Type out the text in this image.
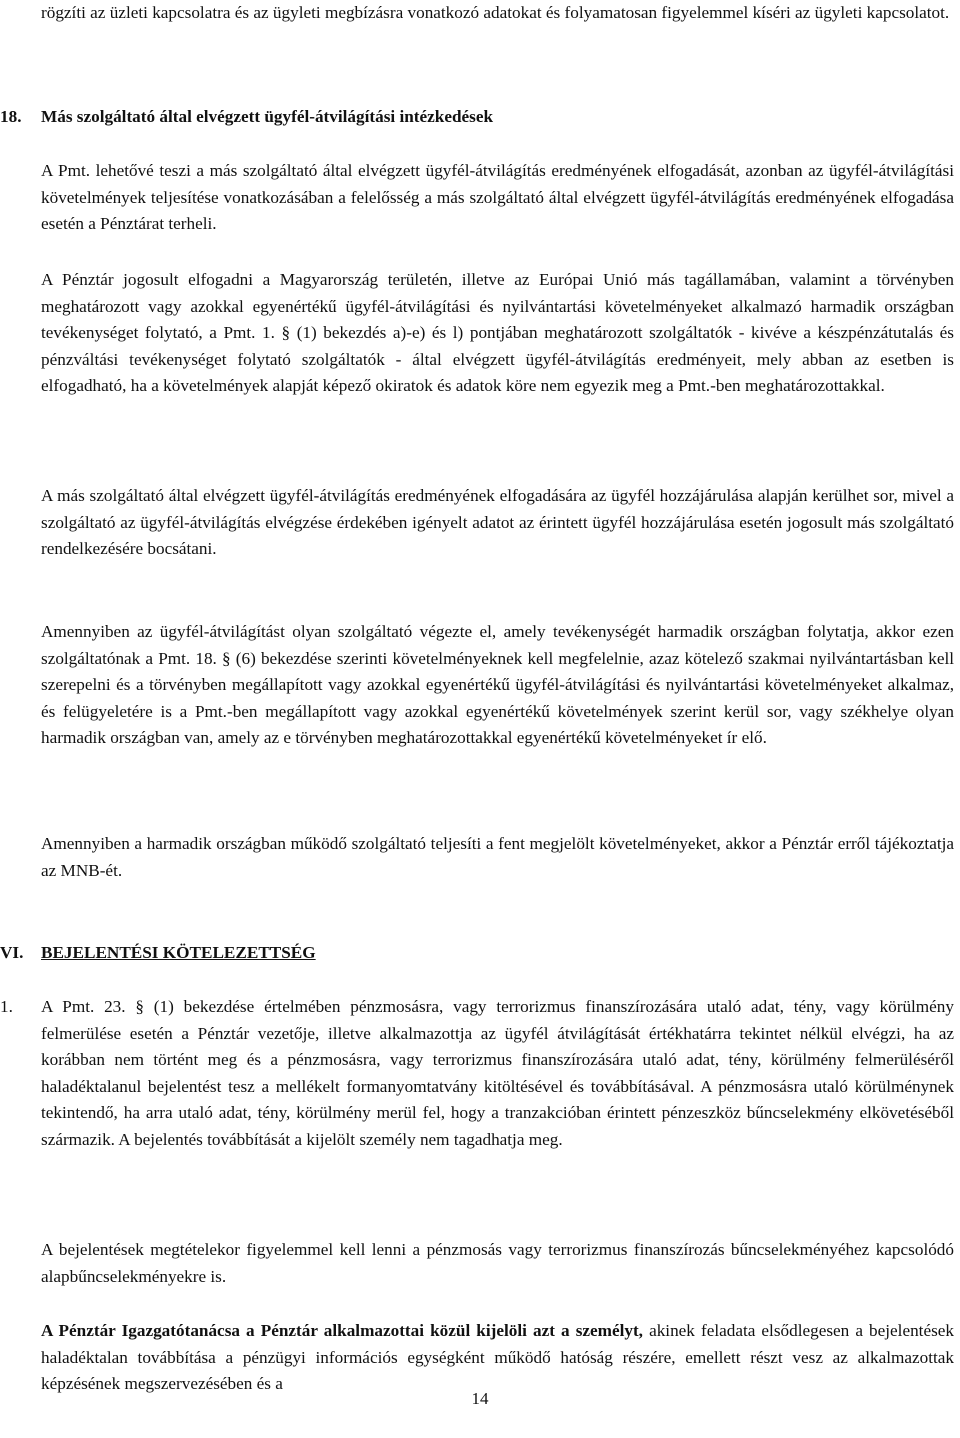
rögzíti az üzleti kapcsolatra és az ügyleti megbízásra vonatkozó adatokat és folyamatosan figyelemmel kíséri az ügyleti kapcsolatot.

18. Más szolgáltató által elvégzett ügyfél-átvilágítási intézkedések

A Pmt. lehetővé teszi a más szolgáltató által elvégzett ügyfél-átvilágítás eredményének elfogadását, azonban az ügyfél-átvilágítási követelmények teljesítése vonatkozásában a felelősség a más szolgáltató által elvégzett ügyfél-átvilágítás eredményének elfogadása esetén a Pénztárat terheli.

A Pénztár jogosult elfogadni a Magyarország területén, illetve az Európai Unió más tagállamában, valamint a törvényben meghatározott vagy azokkal egyenértékű ügyfél-átvilágítási és nyilvántartási követelményeket alkalmazó harmadik országban tevékenységet folytató, a Pmt. 1. § (1) bekezdés a)-e) és l) pontjában meghatározott szolgáltatók - kivéve a készpénzátutalás és pénzváltási tevékenységet folytató szolgáltatók - által elvégzett ügyfél-átvilágítás eredményeit, mely abban az esetben is elfogadható, ha a követelmények alapját képező okiratok és adatok köre nem egyezik meg a Pmt.-ben meghatározottakkal.

A más szolgáltató által elvégzett ügyfél-átvilágítás eredményének elfogadására az ügyfél hozzájárulása alapján kerülhet sor, mivel a szolgáltató az ügyfél-átvilágítás elvégzése érdekében igényelt adatot az érintett ügyfél hozzájárulása esetén jogosult más szolgáltató rendelkezésére bocsátani.

Amennyiben az ügyfél-átvilágítást olyan szolgáltató végezte el, amely tevékenységét harmadik országban folytatja, akkor ezen szolgáltatónak a Pmt. 18. § (6) bekezdése szerinti követelményeknek kell megfelelnie, azaz kötelező szakmai nyilvántartásban kell szerepelni és a törvényben megállapított vagy azokkal egyenértékű ügyfél-átvilágítási és nyilvántartási követelményeket alkalmaz, és felügyeletére is a Pmt.-ben megállapított vagy azokkal egyenértékű követelmények szerint kerül sor, vagy székhelye olyan harmadik országban van, amely az e törvényben meghatározottakkal egyenértékű követelményeket ír elő.

Amennyiben a harmadik országban működő szolgáltató teljesíti a fent megjelölt követelményeket, akkor a Pénztár erről tájékoztatja az MNB-ét.

VI. BEJELENTÉSI KÖTELEZETTSÉG
1. A Pmt. 23. § (1) bekezdése értelmében pénzmosásra, vagy terrorizmus finanszírozására utaló adat, tény, vagy körülmény felmerülése esetén a Pénztár vezetője, illetve alkalmazottja az ügyfél átvilágítását értékhatárra tekintet nélkül elvégzi, ha az korábban nem történt meg és a pénzmosásra, vagy terrorizmus finanszírozására utaló adat, tény, körülmény felmerüléséről haladéktalanul bejelentést tesz a mellékelt formanyomtatvány kitöltésével és továbbításával. A pénzmosásra utaló körülménynek tekintendő, ha arra utaló adat, tény, körülmény merül fel, hogy a tranzakcióban érintett pénzeszköz bűncselekmény elkövetéséből származik. A bejelentés továbbítását a kijelölt személy nem tagadhatja meg.

A bejelentések megtételekor figyelemmel kell lenni a pénzmosás vagy terrorizmus finanszírozás bűncselekményéhez kapcsolódó alapbűncselekményekre is.

A Pénztár Igazgatótanácsa a Pénztár alkalmazottai közül kijelöli azt a személyt, akinek feladata elsődlegesen a bejelentések haladéktalan továbbítása a pénzügyi információs egységként működő hatóság részére, emellett részt vesz az alkalmazottak képzésének megszervezésében és a

14
